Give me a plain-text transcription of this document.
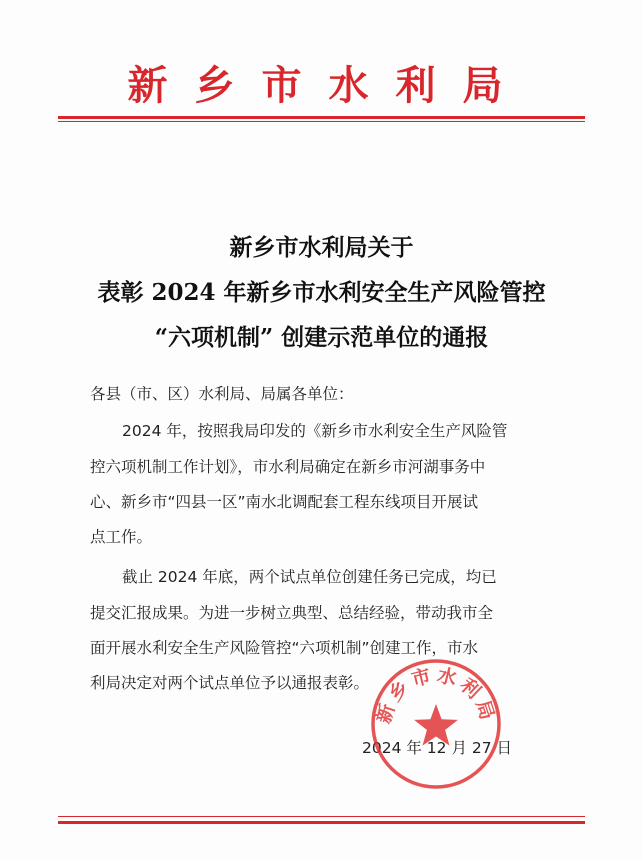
新乡市水利局
新乡市水利局关于
表彰 2024 年新乡市水利安全生产风险管控
“六项机制” 创建示范单位的通报
各县（市、区）水利局、局属各单位：
2024 年，按照我局印发的《新乡市水利安全生产风险管
控六项机制工作计划》，市水利局确定在新乡市河湖事务中
心、新乡市“四县一区”南水北调配套工程东线项目开展试
点工作。
截止 2024 年底，两个试点单位创建任务已完成，均已
提交汇报成果。为进一步树立典型、总结经验，带动我市全
面开展水利安全生产风险管控“六项机制”创建工作，市水
利局决定对两个试点单位予以通报表彰。
2024 年 12 月 27 日
新乡市水利局
